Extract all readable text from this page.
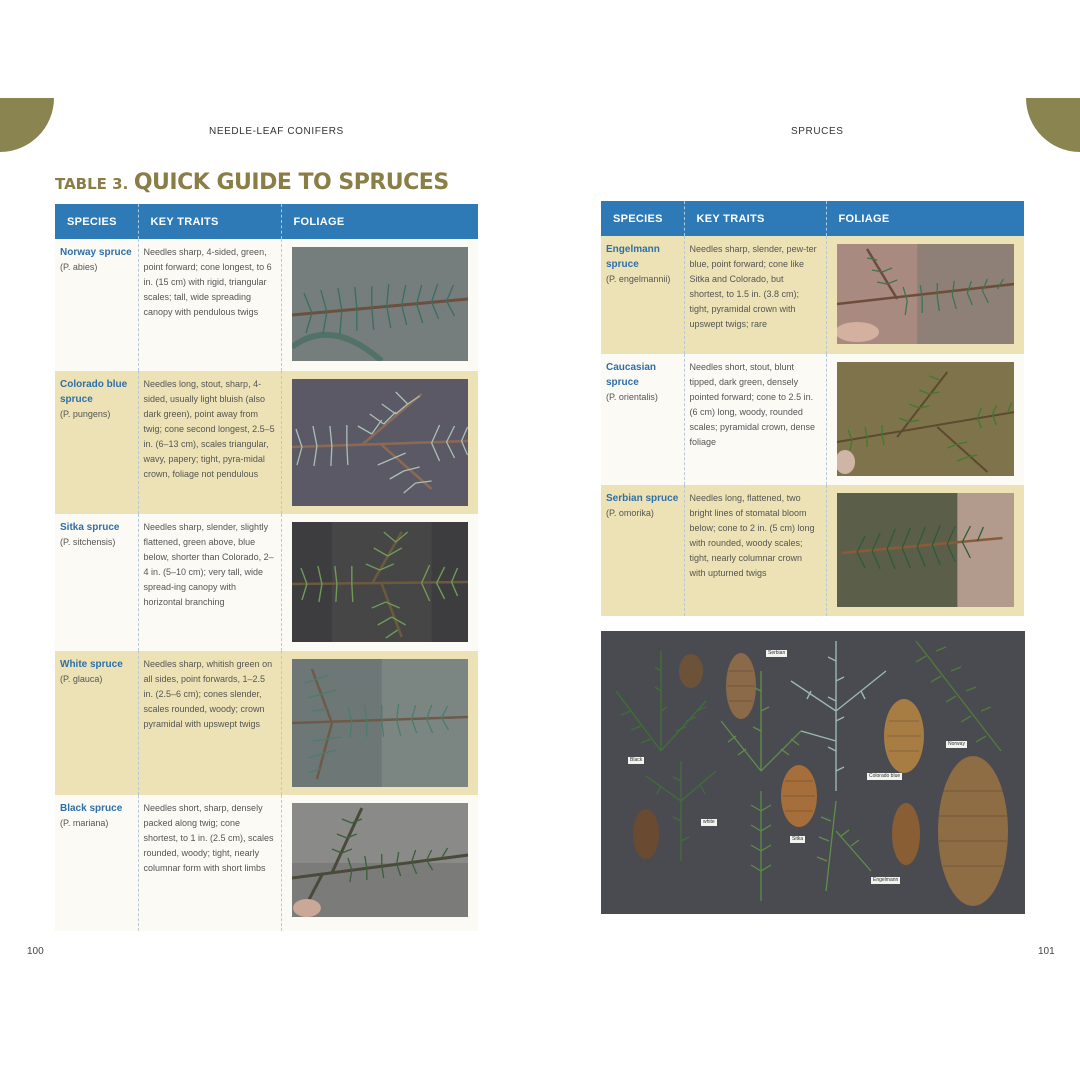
NEEDLE-LEAF CONIFERS	SPRUCES
TABLE 3. QUICK GUIDE TO SPRUCES
SPECIES	KEY TRAITS	FOLIAGE

Norway spruce
(P. abies)	Needles sharp, 4-sided, green, point forward; cone longest, to 6 in. (15 cm) with rigid, triangular scales; tall, wide spreading canopy with pendulous twigs	

Colorado blue spruce
(P. pungens)	Needles long, stout, sharp, 4-sided, usually light bluish (also dark green), point away from twig; cone second longest, 2.5–5 in. (6–13 cm), scales triangular, wavy, papery; tight, pyra-midal crown, foliage not pendulous	

Sitka spruce
(P. sitchensis)	Needles sharp, slender, slightly flattened, green above, blue below, shorter than Colorado, 2–4 in. (5–10 cm); very tall, wide spread-ing canopy with horizontal branching	

White spruce
(P. glauca)	Needles sharp, whitish green on all sides, point forwards, 1–2.5 in. (2.5–6 cm); cones slender, scales rounded, woody; crown pyramidal with upswept twigs	

Black spruce
(P. mariana)	Needles short, sharp, densely packed along twig; cone shortest, to 1 in. (2.5 cm), scales rounded, woody; tight, nearly columnar form with short limbs	
SPECIES	KEY TRAITS	FOLIAGE

Engelmann spruce
(P. engelmannii)	Needles sharp, slender, pew-ter blue, point forward; cone like Sitka and Colorado, but shortest, to 1.5 in. (3.8 cm); tight, pyramidal crown with upswept twigs; rare	

Caucasian spruce
(P. orientalis)	Needles short, stout, blunt tipped, dark green, densely pointed forward; cone to 2.5 in. (6 cm) long, woody, rounded scales; pyramidal crown, dense foliage	

Serbian spruce
(P. omorika)	Needles long, flattened, two bright lines of stomatal bloom below; cone to 2 in. (5 cm) long with rounded, woody scales; tight, nearly columnar crown with upturned twigs	
Serbian
Black
Colorado blue
Norway
white
Sitka
Engelmann
100	101
